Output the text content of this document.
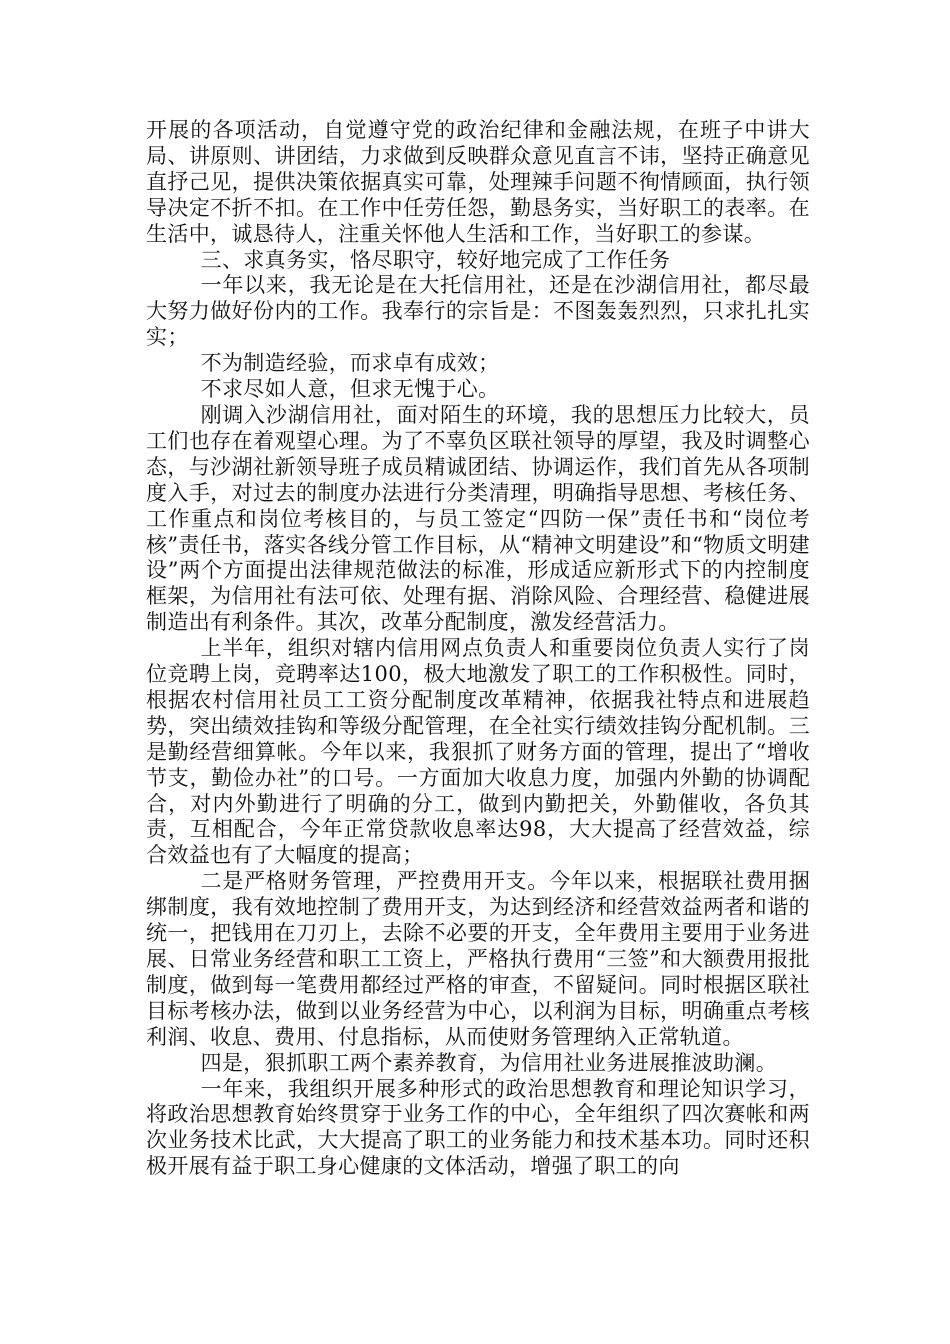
开展的各项活动，自觉遵守党的政治纪律和金融法规，在班子中讲大局、讲原则、讲团结，力求做到反映群众意见直言不讳，坚持正确意见直抒己见，提供决策依据真实可靠，处理辣手问题不徇情顾面，执行领导决定不折不扣。在工作中任劳任怨，勤恳务实，当好职工的表率。在生活中，诚恳待人，注重关怀他人生活和工作，当好职工的参谋。

三、求真务实，恪尽职守，较好地完成了工作任务

一年以来，我无论是在大托信用社，还是在沙湖信用社，都尽最大努力做好份内的工作。我奉行的宗旨是：不图轰轰烈烈，只求扎扎实实；

不为制造经验，而求卓有成效；

不求尽如人意，但求无愧于心。

刚调入沙湖信用社，面对陌生的环境，我的思想压力比较大，员工们也存在着观望心理。为了不辜负区联社领导的厚望，我及时调整心态，与沙湖社新领导班子成员精诚团结、协调运作，我们首先从各项制度入手，对过去的制度办法进行分类清理，明确指导思想、考核任务、工作重点和岗位考核目的，与员工签定“四防一保”责任书和“岗位考核”责任书，落实各线分管工作目标，从“精神文明建设”和“物质文明建设”两个方面提出法律规范做法的标准，形成适应新形式下的内控制度框架，为信用社有法可依、处理有据、消除风险、合理经营、稳健进展制造出有利条件。其次，改革分配制度，激发经营活力。

上半年，组织对辖内信用网点负责人和重要岗位负责人实行了岗位竞聘上岗，竞聘率达100，极大地激发了职工的工作积极性。同时，根据农村信用社员工工资分配制度改革精神，依据我社特点和进展趋势，突出绩效挂钩和等级分配管理，在全社实行绩效挂钩分配机制。三是勤经营细算帐。今年以来，我狠抓了财务方面的管理，提出了“增收节支，勤俭办社”的口号。一方面加大收息力度，加强内外勤的协调配合，对内外勤进行了明确的分工，做到内勤把关，外勤催收，各负其责，互相配合，今年正常贷款收息率达98，大大提高了经营效益，综合效益也有了大幅度的提高；

二是严格财务管理，严控费用开支。今年以来，根据联社费用捆绑制度，我有效地控制了费用开支，为达到经济和经营效益两者和谐的统一，把钱用在刀刃上，去除不必要的开支，全年费用主要用于业务进展、日常业务经营和职工工资上，严格执行费用“三签”和大额费用报批制度，做到每一笔费用都经过严格的审查，不留疑问。同时根据区联社目标考核办法，做到以业务经营为中心，以利润为目标，明确重点考核利润、收息、费用、付息指标，从而使财务管理纳入正常轨道。

四是，狠抓职工两个素养教育，为信用社业务进展推波助澜。

一年来，我组织开展多种形式的政治思想教育和理论知识学习，将政治思想教育始终贯穿于业务工作的中心，全年组织了四次赛帐和两次业务技术比武，大大提高了职工的业务能力和技术基本功。同时还积极开展有益于职工身心健康的文体活动，增强了职工的向
